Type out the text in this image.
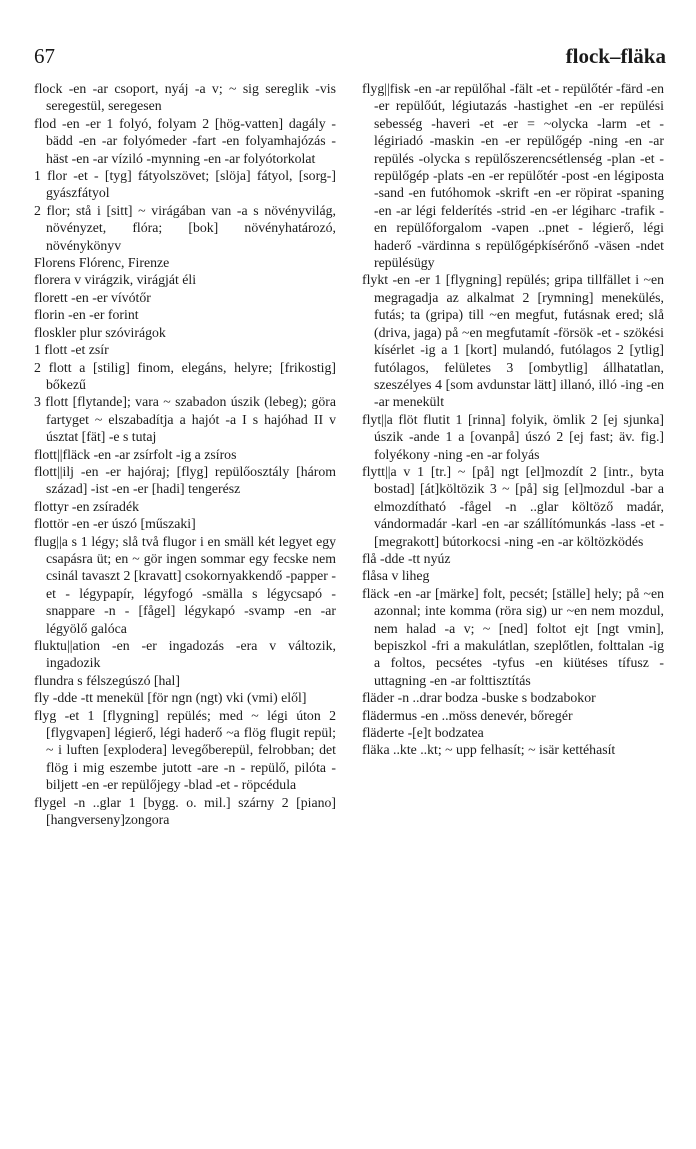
67	flock–fläka

flock -en -ar csoport, nyáj -a v; ~ sig sereglik -vis seregestül, seregesen

flod -en -er 1 folyó, folyam 2 [hög-vatten] dagály -bädd -en -ar folyómeder -fart -en folyamhajózás -häst -en -ar víziló -mynning -en -ar folyótorkolat

1 flor -et - [tyg] fátyolszövet; [slöja] fátyol, [sorg-] gyászfátyol

2 flor; stå i [sitt] ~ virágában van -a s növényvilág, növényzet, flóra; [bok] növényhatározó, növénykönyv

Florens Flórenc, Firenze

florera v virágzik, virágját éli

florett -en -er vívótőr

florin -en -er forint

floskler plur szóvirágok

1 flott -et zsír

2 flott a [stilig] finom, elegáns, helyre; [frikostig] bőkezű

3 flott [flytande]; vara ~ szabadon úszik (lebeg); göra fartyget ~ elszabadítja a hajót -a I s hajóhad II v úsztat [fät] -e s tutaj

flott||fläck -en -ar zsírfolt -ig a zsíros

flott||ilj -en -er hajóraj; [flyg] repülőosztály [három század] -ist -en -er [hadi] tengerész

flottyr -en zsíradék

flottör -en -er úszó [műszaki]

flug||a s 1 légy; slå två flugor i en smäll két legyet egy csapásra üt; en ~ gör ingen sommar egy fecske nem csinál tavaszt 2 [kravatt] csokornyakkendő -papper -et - légypapír, légyfogó -smälla s légycsapó -snappare -n - [fågel] légykapó -svamp -en -ar légyölő galóca

fluktu||ation -en -er ingadozás -era v változik, ingadozik

flundra s félszegúszó [hal]

fly -dde -tt menekül [för ngn (ngt) vki (vmi) elől]

flyg -et 1 [flygning] repülés; med ~ légi úton 2 [flygvapen] légierő, légi haderő ~a flög flugit repül; ~ i luften [explodera] levegőberepül, felrobban; det flög i mig eszembe jutott -are -n - repülő, pilóta -biljett -en -er repülőjegy -blad -et - röpcédula

flygel -n ..glar 1 [bygg. o. mil.] szárny 2 [piano] [hangverseny]zongora

flyg||fisk -en -ar repülőhal -fält -et - repülőtér -färd -en -er repülőút, légiutazás -hastighet -en -er repülési sebesség -haveri -et -er = ~olycka -larm -et - légiriadó -maskin -en -er repülőgép -ning -en -ar repülés -olycka s repülőszerencsétlenség -plan -et - repülőgép -plats -en -er repülőtér -post -en légiposta -sand -en futóhomok -skrift -en -er röpirat -spaning -en -ar légi felderítés -strid -en -er légiharc -trafik -en repülőforgalom -vapen ..pnet - légierő, légi haderő -värdinna s repülőgépkísérőnő -väsen -ndet repülésügy

flykt -en -er 1 [flygning] repülés; gripa tillfället i ~en megragadja az alkalmat 2 [rymning] menekülés, futás; ta (gripa) till ~en megfut, futásnak ered; slå (driva, jaga) på ~en megfutamít -försök -et - szökési kísérlet -ig a 1 [kort] mulandó, futólagos 2 [ytlig] futólagos, felületes 3 [ombytlig] állhatatlan, szeszélyes 4 [som avdunstar lätt] illanó, illó -ing -en -ar menekült

flyt||a flöt flutit 1 [rinna] folyik, ömlik 2 [ej sjunka] úszik -ande 1 a [ovanpå] úszó 2 [ej fast; äv. fig.] folyékony -ning -en -ar folyás

flytt||a v 1 [tr.] ~ [på] ngt [el]mozdít 2 [intr., byta bostad] [át]költözik 3 ~ [på] sig [el]mozdul -bar a elmozdítható -fågel -n ..glar költöző madár, vándormadár -karl -en -ar szállítómunkás -lass -et - [megrakott] bútorkocsi -ning -en -ar költözködés

flå -dde -tt nyúz

flåsa v liheg

fläck -en -ar [märke] folt, pecsét; [ställe] hely; på ~en azonnal; inte komma (röra sig) ur ~en nem mozdul, nem halad -a v; ~ [ned] foltot ejt [ngt vmin], bepiszkol -fri a makulátlan, szeplőtlen, folttalan -ig a foltos, pecsétes -tyfus -en kiütéses tífusz -uttagning -en -ar folttisztítás

fläder -n ..drar bodza -buske s bodzabokor

flädermus -en ..möss denevér, bőregér

fläderte -[e]t bodzatea

fläka ..kte ..kt; ~ upp felhasít; ~ isär kettéhasít
